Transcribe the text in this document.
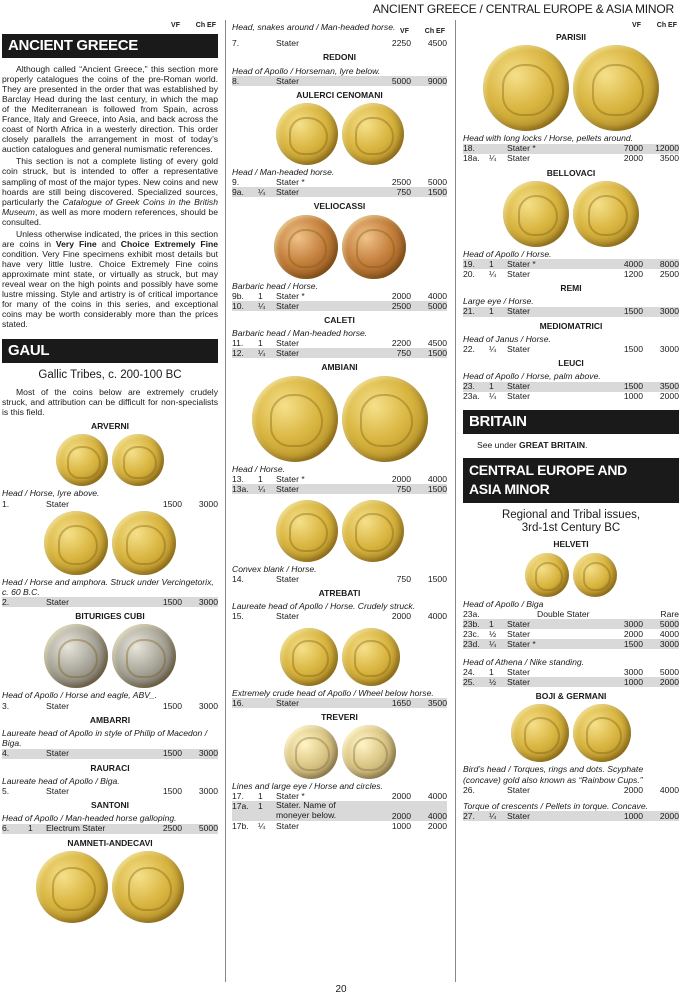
ANCIENT GREECE / CENTRAL EUROPE & ASIA MINOR
VF	Ch EF
ANCIENT GREECE

Although called “Ancient Greece,” this section more properly catalogues the coins of the pre-Roman world. They are presented in the order that was established by Barclay Head during the last century, in which the map of the Mediterranean is followed from Spain, across France, Italy and Greece, into Asia, and back across the coast of North Africa in a westerly direction. This order closely parallels the arrangement in most of today’s auction catalogues and general numismatic references.

This section is not a complete listing of every gold coin struck, but is intended to offer a representative sampling of most of the major types. New coins and new hoards are still being discovered. Specialized sources, particularly the Catalogue of Greek Coins in the British Museum, as well as more modern references, should be consulted.

Unless otherwise indicated, the prices in this section are coins in Very Fine and Choice Extremely Fine condition. Very Fine specimens exhibit most details but have very little lustre. Choice Extremely Fine coins approximate mint state, or virtually as struck, but may reveal wear on the high points and possibly have some lustre missing. Style and artistry is of critical importance for many of the coins in this series, and exceptional coins may be worth considerably more than the prices stated.

GAUL
Gallic Tribes, c. 200-100 BC

Most of the coins below are extremely crudely struck, and attribution can be difficult for non-specialists is this field.

ARVERNI
Head / Horse, lyre above.
1.	Stater	1500	3000
Head / Horse and amphora. Struck under Vercingetorix, c. 60 B.C.
2.	Stater	1500	3000
BITURIGES CUBI
Head of Apollo / Horse and eagle, ABV_.
3.	Stater	1500	3000
AMBARRI
Laureate head of Apollo in style of Philip of Macedon / Biga.
4.	Stater	1500	3000
RAURACI
Laureate head of Apollo / Biga.
5.	Stater	1500	3000
SANTONI
Head of Apollo / Man-headed horse galloping.
6.	1	Electrum Stater	2500	5000
NAMNETI-ANDECAVI
VF	Ch EF
Head, snakes around / Man-headed horse.
7.	Stater	2250	4500
REDONI
Head of Apollo / Horseman, lyre below.
8.	Stater	5000	9000
AULERCI CENOMANI
Head / Man-headed horse.
9.	Stater *	2500	5000
9a.	¼	Stater	750	1500
VELIOCASSI
Barbaric head / Horse.
9b.	1	Stater *	2000	4000
10.	¼	Stater	2500	5000
CALETI
Barbaric head / Man-headed horse.
11.	1	Stater	2200	4500
12.	¼	Stater	750	1500
AMBIANI
Head / Horse.
13.	1	Stater *	2000	4000
13a.	¼	Stater	750	1500
Convex blank / Horse.
14.	Stater	750	1500
ATREBATI
Laureate head of Apollo / Horse. Crudely struck.
15.	Stater	2000	4000
Extremely crude head of Apollo / Wheel below horse.
16.	Stater	1650	3500
TREVERI
Lines and large eye / Horse and circles.
17.	1	Stater *	2000	4000
17a.	1	Stater. Name of
moneyer below.	2000	4000
17b.	¼	Stater	1000	2000
VF	Ch EF
PARISII
Head with long locks / Horse, pellets around.
18.	Stater *	7000	12000
18a.	¼	Stater	2000	3500
BELLOVACI
Head of Apollo / Horse.
19.	1	Stater *	4000	8000
20.	¼	Stater	1200	2500
REMI
Large eye / Horse.
21.	1	Stater	1500	3000
MEDIOMATRICI
Head of Janus / Horse.
22.	¼	Stater	1500	3000
LEUCI
Head of Apollo / Horse, palm above.
23.	1	Stater	1500	3500
23a.	¼	Stater	1000	2000
BRITAIN
See under GREAT BRITAIN.
CENTRAL EUROPE AND
ASIA MINOR
Regional and Tribal issues,
3rd-1st Century BC
HELVETI
Head of Apollo / Biga
23a.	Double Stater	Rare
23b.	1	Stater	3000	5000
23c.	½	Stater	2000	4000
23d.	¼	Stater *	1500	3000
Head of Athena / Nike standing.
24.	1	Stater	3000	5000
25.	½	Stater	1000	2000
BOJI & GERMANI
Bird’s head / Torques, rings and dots. Scyphate (concave) gold also known as “Rainbow Cups.”
26.	Stater	2000	4000
Torque of crescents / Pellets in torque. Concave.
27.	¼	Stater	1000	2000
20
